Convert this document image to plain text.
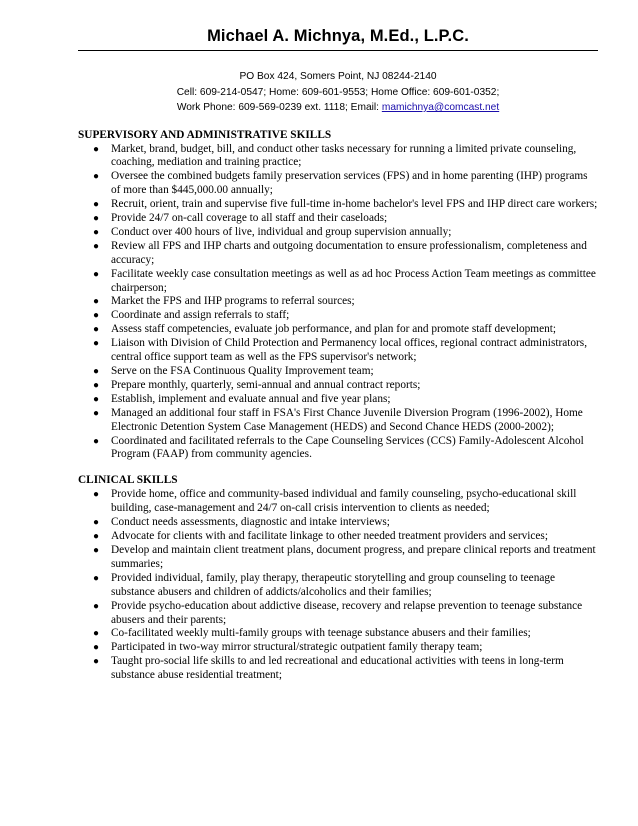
Michael A. Michnya, M.Ed., L.P.C.
PO Box 424, Somers Point, NJ 08244-2140
Cell: 609-214-0547; Home: 609-601-9553; Home Office: 609-601-0352;
Work Phone: 609-569-0239 ext. 1118; Email: mamichnya@comcast.net
SUPERVISORY AND ADMINISTRATIVE SKILLS
● Market, brand, budget, bill, and conduct other tasks necessary for running a limited private counseling, coaching, mediation and training practice;
● Oversee the combined budgets family preservation services (FPS) and in home parenting (IHP) programs of more than $445,000.00 annually;
● Recruit, orient, train and supervise five full-time in-home bachelor's level FPS and IHP direct care workers;
● Provide 24/7 on-call coverage to all staff and their caseloads;
● Conduct over 400 hours of live, individual and group supervision annually;
● Review all FPS and IHP charts and outgoing documentation to ensure professionalism, completeness and accuracy;
● Facilitate weekly case consultation meetings as well as ad hoc Process Action Team meetings as committee chairperson;
● Market the FPS and IHP programs to referral sources;
● Coordinate and assign referrals to staff;
● Assess staff competencies, evaluate job performance, and plan for and promote staff development;
● Liaison with Division of Child Protection and Permanency local offices, regional contract administrators, central office support team as well as the FPS supervisor's network;
● Serve on the FSA Continuous Quality Improvement team;
● Prepare monthly, quarterly, semi-annual and annual contract reports;
● Establish, implement and evaluate annual and five year plans;
● Managed an additional four staff in FSA's First Chance Juvenile Diversion Program (1996-2002), Home Electronic Detention System Case Management (HEDS) and Second Chance HEDS (2000-2002);
● Coordinated and facilitated referrals to the Cape Counseling Services (CCS) Family-Adolescent Alcohol Program (FAAP) from community agencies.
CLINICAL SKILLS
● Provide home, office and community-based individual and family counseling, psycho-educational skill building, case-management and 24/7 on-call crisis intervention to clients as needed;
● Conduct needs assessments, diagnostic and intake interviews;
● Advocate for clients with and facilitate linkage to other needed treatment providers and services;
● Develop and maintain client treatment plans, document progress, and prepare clinical reports and treatment summaries;
● Provided individual, family, play therapy, therapeutic storytelling and group counseling to teenage substance abusers and children of addicts/alcoholics and their families;
● Provide psycho-education about addictive disease, recovery and relapse prevention to teenage substance abusers and their parents;
● Co-facilitated weekly multi-family groups with teenage substance abusers and their families;
● Participated in two-way mirror structural/strategic outpatient family therapy team;
● Taught pro-social life skills to and led recreational and educational activities with teens in long-term substance abuse residential treatment;
